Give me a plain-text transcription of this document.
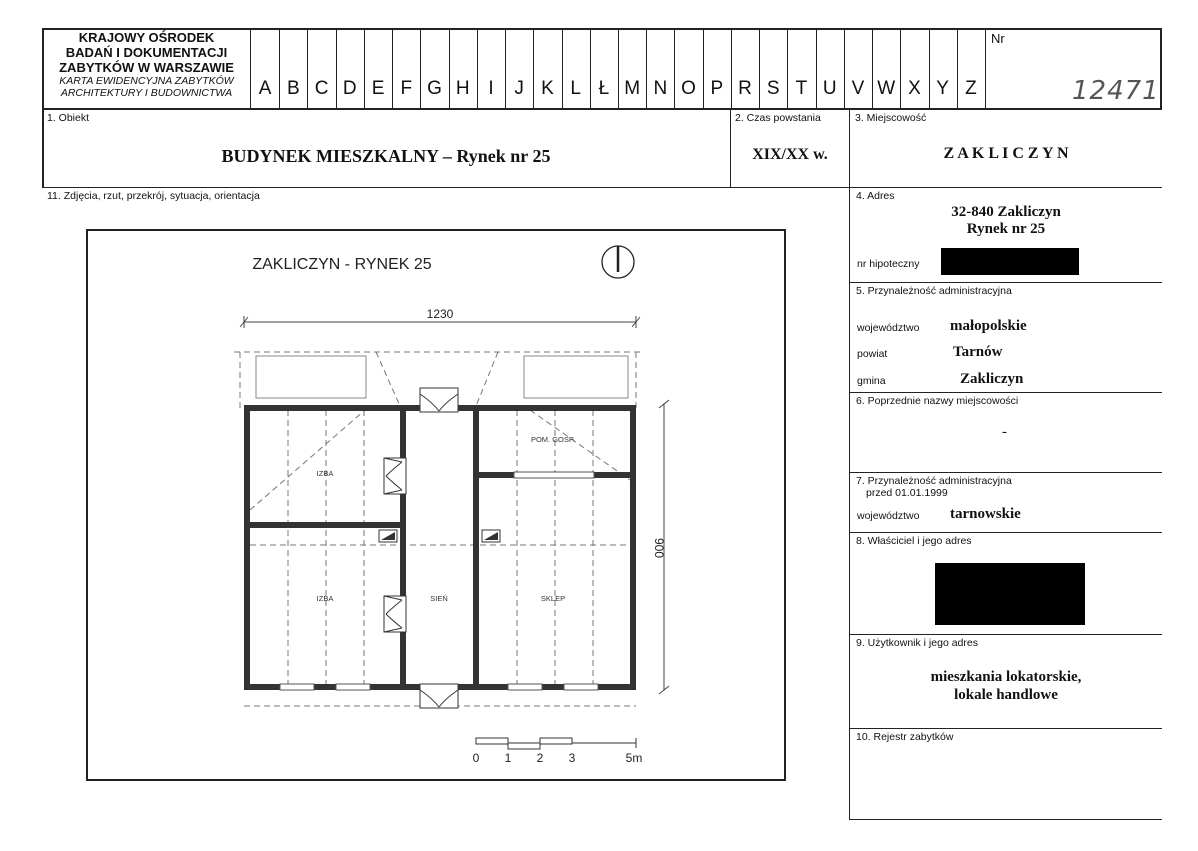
KRAJOWY OŚRODEK
BADAŃ I DOKUMENTACJI
ZABYTKÓW W WARSZAWIE
KARTA EWIDENCYJNA ZABYTKÓW
ARCHITEKTURY I BUDOWNICTWA	A B C D E F G H I	J K L Ł M N O P R S T U V W X Y Z
Nr
12471
1. Obiekt
BUDYNEK MIESZKALNY – Rynek nr 25
2. Czas powstania
XIX/XX w.
3. Miejscowość
Z A K L I C Z Y N
11. Zdjęcia, rzut, przekrój, sytuacja, orientacja	4. Adres
32-840 Zakliczyn
Rynek nr 25
nr hipoteczny
5. Przynależność administracyjna
województwo małopolskie
powiat	Tarnów
gmina	Zakliczyn
6. Poprzednie nazwy miejscowości
-
7. Przynależność administracyjna
przed 01.01.1999
województwo tarnowskie
8. Właściciel i jego adres
9. Użytkownik i jego adres
mieszkania lokatorskie,
lokale handlowe
10. Rejestr zabytków
ZAKLICZYN - RYNEK 25
1230
900
IZBA
IZBA	SIEŃ	SKLEP
POM. GOSP.
0 1 2 3	5m
